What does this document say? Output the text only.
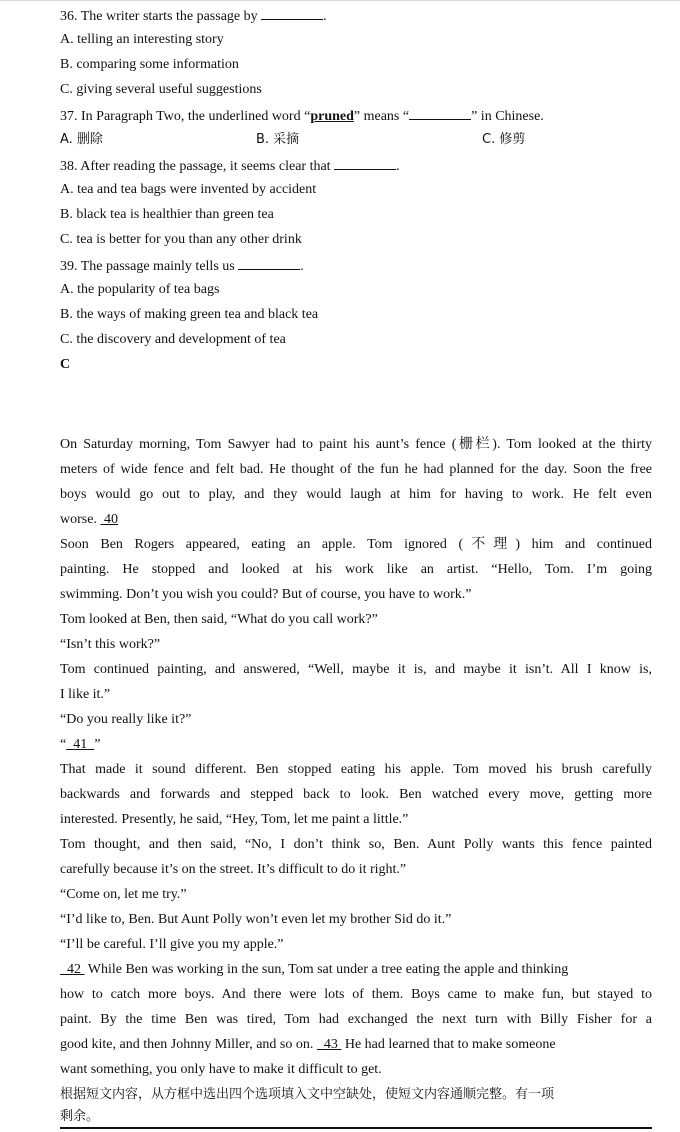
36. The writer starts the passage by	.
A. telling an interesting story
B. comparing some information
C. giving several useful suggestions
37. In Paragraph Two, the underlined word “pruned” means “	” in Chinese.
A. 删除	B. 采摘	C. 修剪
38. After reading the passage, it seems clear that	.
A. tea and tea bags were invented by accident
B. black tea is healthier than green tea
C. tea is better for you than any other drink
39. The passage mainly tells us	.
A. the popularity of tea bags
B. the ways of making green tea and black tea
C. the discovery and development of tea
C
On Saturday morning, Tom Sawyer had to paint his aunt’s fence (栅栏). Tom looked at the thirty
meters of wide fence and felt bad. He thought of the fun he had planned for the day. Soon the free
boys would go out to play, and they would laugh at him for having to work. He felt even
worse. 40
Soon Ben Rogers appeared, eating an apple. Tom ignored (不理) him and continued
painting. He stopped and looked at his work like an artist. “Hello, Tom. I’m going
swimming. Don’t you wish you could? But of course, you have to work.”
Tom looked at Ben, then said, “What do you call work?”
“Isn’t this work?”
Tom continued painting, and answered, “Well, maybe it is, and maybe it isn’t. All I know is,
I like it.”
“Do you really like it?”
“ 41 ”
That made it sound different. Ben stopped eating his apple. Tom moved his brush carefully
backwards and forwards and stepped back to look. Ben watched every move, getting more
interested. Presently, he said, “Hey, Tom, let me paint a little.”
Tom thought, and then said, “No, I don’t think so, Ben. Aunt Polly wants this fence painted
carefully because it’s on the street. It’s difficult to do it right.”
“Come on, let me try.”
“I’d like to, Ben. But Aunt Polly won’t even let my brother Sid do it.”
“I’ll be careful. I’ll give you my apple.”
42 While Ben was working in the sun, Tom sat under a tree eating the apple and thinking
how to catch more boys. And there were lots of them. Boys came to make fun, but stayed to
paint. By the time Ben was tired, Tom had exchanged the next turn with Billy Fisher for a
good kite, and then Johnny Miller, and so on. 43 He had learned that to make someone
want something, you only have to make it difficult to get.
根据短文内容，从方框中选出四个选项填入文中空缺处，使短文内容通顺完整。有一项
剩余。
